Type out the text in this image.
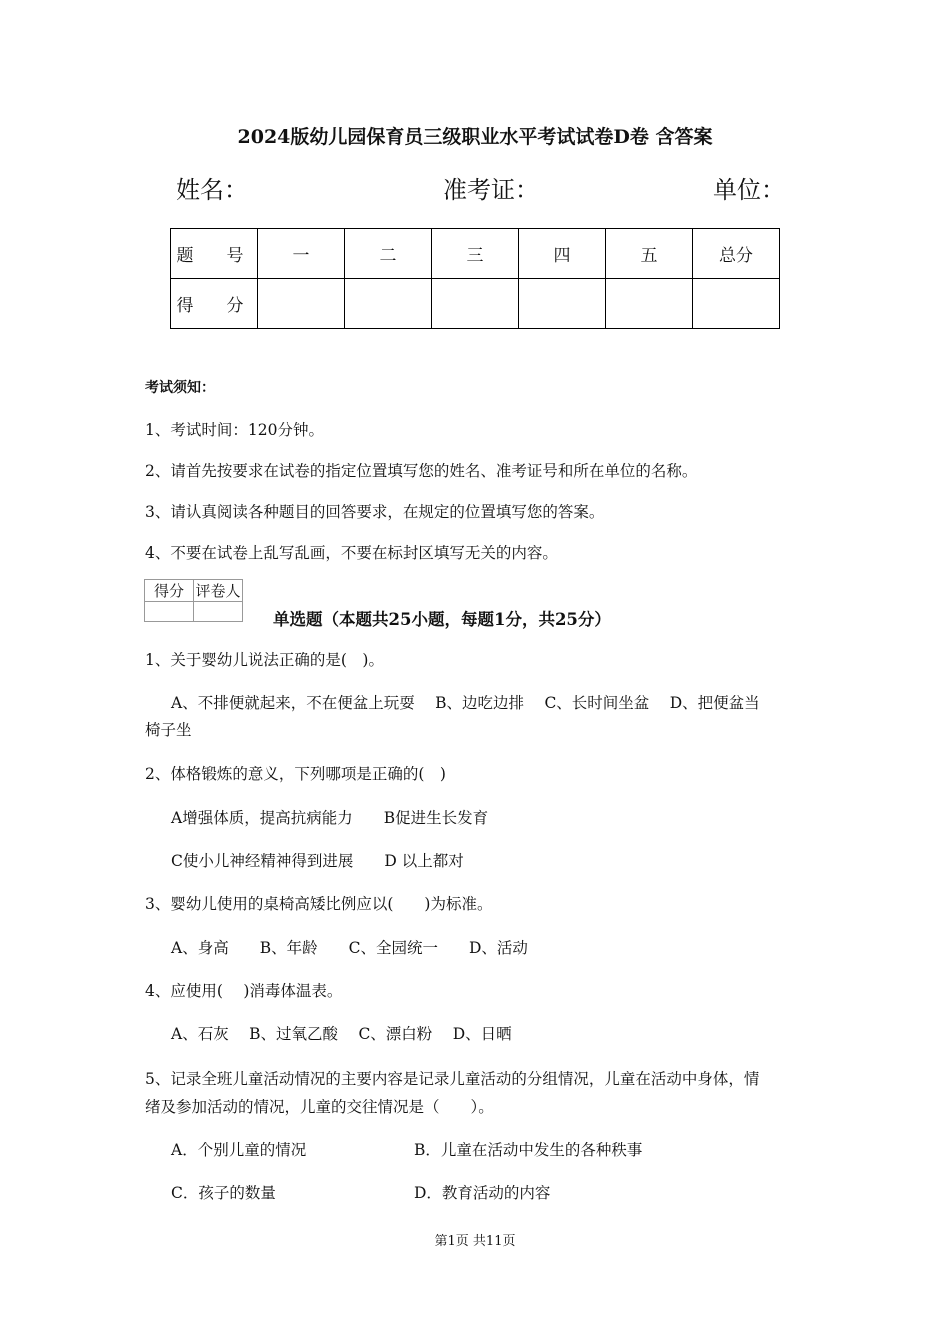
2024版幼儿园保育员三级职业水平考试试卷D卷 含答案
姓名：	准考证：	单位：
题　号	一	二	三	四	五	总分
得　分						
考试须知：
1、考试时间：120分钟。
2、请首先按要求在试卷的指定位置填写您的姓名、准考证号和所在单位的名称。
3、请认真阅读各种题目的回答要求，在规定的位置填写您的答案。
4、不要在试卷上乱写乱画，不要在标封区填写无关的内容。
得分	评卷人

单选题（本题共25小题，每题1分，共25分）
1、关于婴幼儿说法正确的是(　)。
A、不排便就起来，不在便盆上玩耍　 B、边吃边排　 C、长时间坐盆　 D、把便盆当
椅子坐
2、体格锻炼的意义，下列哪项是正确的(　)
A增强体质，提高抗病能力　　B促进生长发育
C使小儿神经精神得到进展　　D 以上都对
3、婴幼儿使用的桌椅高矮比例应以(　　)为标准。
A、身高　　B、年龄　　C、全园统一　　D、活动
4、应使用(　 )消毒体温表。
A、石灰　 B、过氧乙酸　 C、漂白粉　 D、日晒
5、记录全班儿童活动情况的主要内容是记录儿童活动的分组情况，儿童在活动中身体，情
绪及参加活动的情况，儿童的交往情况是（　　）。
A．个别儿童的情况	B．儿童在活动中发生的各种秩事
C．孩子的数量	D．教育活动的内容
第1页 共11页
